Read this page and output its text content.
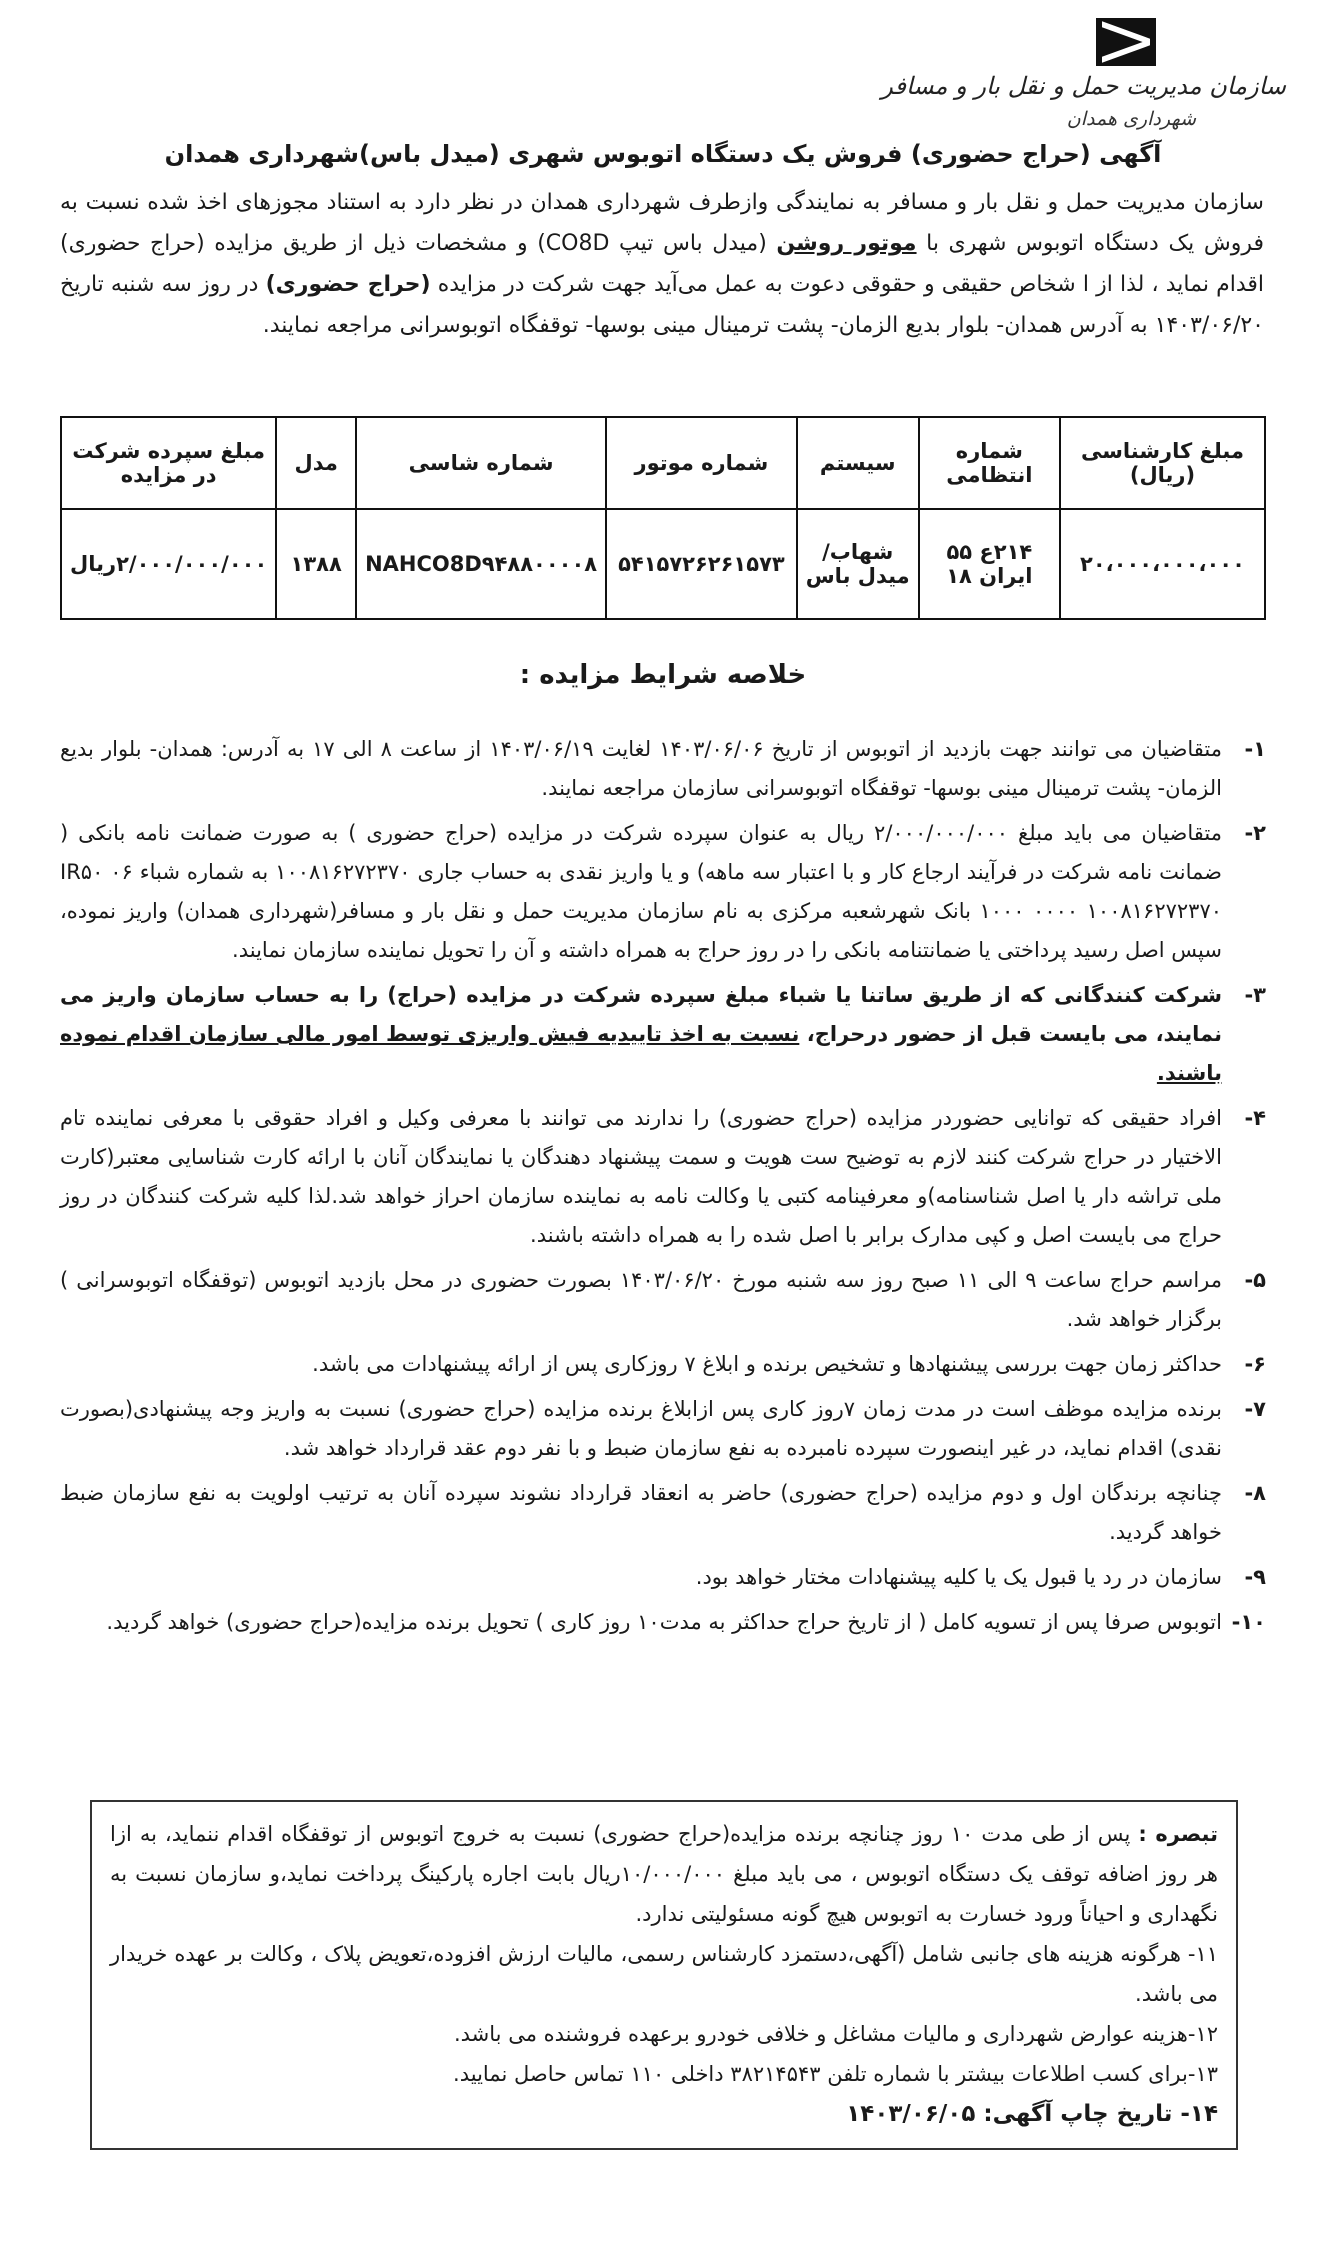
سازمان مدیریت حمل و نقل بار و مسافر
شهرداری همدان
آگهی (حراج حضوری) فروش یک دستگاه اتوبوس شهری (میدل باس)شهرداری همدان
سازمان مدیریت حمل و نقل بار و مسافر به نمایندگی وازطرف شهرداری همدان در نظر دارد به استناد مجوزهای اخذ شده نسبت به فروش یک دستگاه اتوبوس شهری با موتور روشن (میدل باس تیپ CO8D) و مشخصات ذیل از طریق مزایده (حراج حضوری) اقدام نماید ، لذا از ا شخاص حقیقی و حقوقی دعوت به عمل می‌آید جهت شرکت در مزایده (حراج حضوری) در روز سه شنبه تاریخ ۱۴۰۳/۰۶/۲۰ به آدرس همدان- بلوار بدیع الزمان- پشت ترمینال مینی بوسها- توقفگاه اتوبوسرانی مراجعه نمایند.
مبلغ کارشناسی (ریال)	شماره انتظامی	سیستم	شماره موتور	شماره شاسی	مدل	مبلغ سپرده شرکت در مزایده
۲۰،۰۰۰،۰۰۰،۰۰۰	۲۱۴ع ۵۵ ایران ۱۸	شهاب/میدل باس	۵۴۱۵۷۲۶۲۶۱۵۷۳	NAHCO8D۹۴۸۸۰۰۰۰۸	۱۳۸۸	۲/۰۰۰/۰۰۰/۰۰۰ریال
خلاصه شرایط مزایده :
۱-
متقاضیان می توانند جهت بازدید از اتوبوس از تاریخ ۱۴۰۳/۰۶/۰۶ لغایت ۱۴۰۳/۰۶/۱۹ از ساعت ۸ الی ۱۷ به آدرس: همدان- بلوار بدیع الزمان- پشت ترمینال مینی بوسها- توقفگاه اتوبوسرانی سازمان مراجعه نمایند.
۲-
متقاضیان می باید مبلغ ۲/۰۰۰/۰۰۰/۰۰۰ ریال به عنوان سپرده شرکت در مزایده (حراج حضوری ) به صورت ضمانت نامه بانکی ( ضمانت نامه شرکت در فرآیند ارجاع کار و با اعتبار سه ماهه) و یا واریز نقدی به حساب جاری ۱۰۰۸۱۶۲۷۲۳۷۰ به شماره شباء IR۵۰ ۰۶ ۱۰۰۰ ۰۰۰۰ ۱۰۰۸۱۶۲۷۲۳۷۰ بانک شهرشعبه مرکزی به نام سازمان مدیریت حمل و نقل بار و مسافر(شهرداری همدان) واریز نموده، سپس اصل رسید پرداختی یا ضمانتنامه بانکی را در روز حراج به همراه داشته و آن را تحویل نماینده سازمان نمایند.
۳-
شرکت کنندگانی که از طریق ساتنا یا شباء مبلغ سپرده شرکت در مزایده (حراج) را به حساب سازمان واریز می نمایند، می بایست قبل از حضور درحراج، نسبت به اخذ تاییدیه فیش واریزی توسط امور مالی سازمان اقدام نموده باشند.
۴-
افراد حقیقی که توانایی حضوردر مزایده (حراج حضوری) را ندارند می توانند با معرفی وکیل و افراد حقوقی با معرفی نماینده تام الاختیار در حراج شرکت کنند لازم به توضیح ست هویت و سمت پیشنهاد دهندگان یا نمایندگان آنان با ارائه کارت شناسایی معتبر(کارت ملی تراشه دار یا اصل شناسنامه)و معرفینامه کتبی یا وکالت نامه به نماینده سازمان احراز خواهد شد.لذا کلیه شرکت کنندگان در روز حراج می بایست اصل و کپی مدارک برابر با اصل شده را به همراه داشته باشند.
۵-
مراسم حراج ساعت ۹ الی ۱۱ صبح روز سه شنبه مورخ ۱۴۰۳/۰۶/۲۰ بصورت حضوری در محل بازدید اتوبوس (توقفگاه اتوبوسرانی ) برگزار خواهد شد.
۶-
حداکثر زمان جهت بررسی پیشنهادها و تشخیص برنده و ابلاغ ۷ روزکاری پس از ارائه پیشنهادات می باشد.
۷-
برنده مزایده موظف است در مدت زمان ۷روز کاری پس ازابلاغ برنده مزایده (حراج حضوری) نسبت به واریز وجه پیشنهادی(بصورت نقدی) اقدام نماید، در غیر اینصورت سپرده نامبرده به نفع سازمان ضبط و با نفر دوم عقد قرارداد خواهد شد.
۸-
چنانچه برندگان اول و دوم مزایده (حراج حضوری) حاضر به انعقاد قرارداد نشوند سپرده آنان به ترتیب اولویت به نفع سازمان ضبط خواهد گردید.
۹-
سازمان در رد یا قبول یک یا کلیه پیشنهادات مختار خواهد بود.
۱۰-
اتوبوس صرفا پس از تسویه کامل ( از تاریخ حراج حداکثر به مدت۱۰ روز کاری ) تحویل برنده مزایده(حراج حضوری) خواهد گردید.

تبصره : پس از طی مدت ۱۰ روز چنانچه برنده مزایده(حراج حضوری) نسبت به خروج اتوبوس از توقفگاه اقدام ننماید، به ازا هر روز اضافه توقف یک دستگاه اتوبوس ، می باید مبلغ ۱۰/۰۰۰/۰۰۰ریال بابت اجاره پارکینگ پرداخت نماید،و سازمان نسبت به نگهداری و احیاناً ورود خسارت به اتوبوس هیچ گونه مسئولیتی ندارد.

۱۱- هرگونه هزینه های جانبی شامل (آگهی،دستمزد کارشناس رسمی، مالیات ارزش افزوده،تعویض پلاک ، وکالت بر عهده خریدار می باشد.

۱۲-هزینه عوارض شهرداری و مالیات مشاغل و خلافی خودرو برعهده فروشنده می باشد.

۱۳-برای کسب اطلاعات بیشتر با شماره تلفن ۳۸۲۱۴۵۴۳ داخلی ۱۱۰ تماس حاصل نمایید.

۱۴- تاریخ چاپ آگهی: ۱۴۰۳/۰۶/۰۵
